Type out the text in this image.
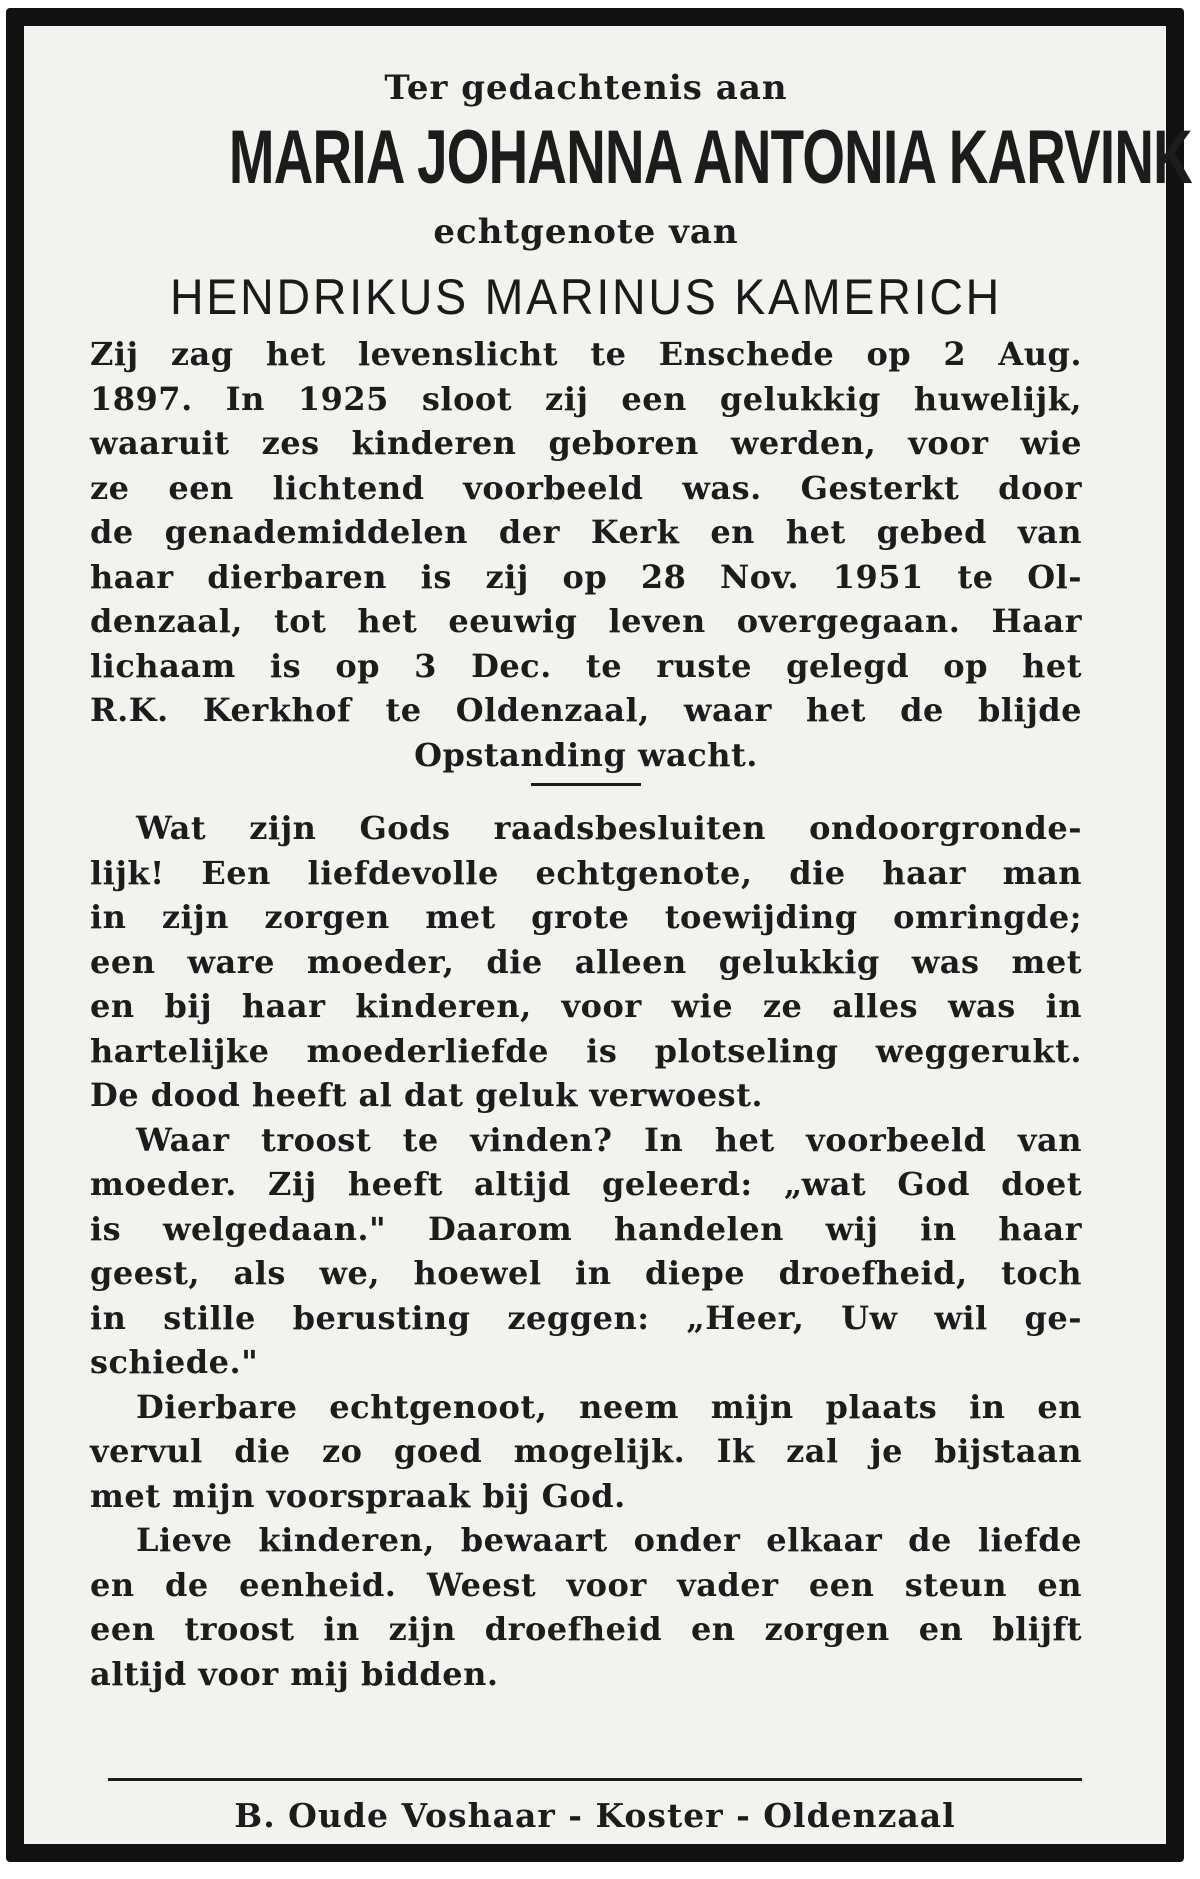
Ter gedachtenis aan

MARIA JOHANNA ANTONIA KARVINK

echtgenote van

HENDRIKUS MARINUS KAMERICH
Zij zag het levenslicht te Enschede op 2 Aug.
1897. In 1925 sloot zij een gelukkig huwelijk,
waaruit zes kinderen geboren werden, voor wie
ze een lichtend voorbeeld was. Gesterkt door
de genademiddelen der Kerk en het gebed van
haar dierbaren is zij op 28 Nov. 1951 te Ol-
denzaal, tot het eeuwig leven overgegaan. Haar
lichaam is op 3 Dec. te ruste gelegd op het
R.K. Kerkhof te Oldenzaal, waar het de blijde
Opstanding wacht.
Wat zijn Gods raadsbesluiten ondoorgronde-
lijk! Een liefdevolle echtgenote, die haar man
in zijn zorgen met grote toewijding omringde;
een ware moeder, die alleen gelukkig was met
en bij haar kinderen, voor wie ze alles was in
hartelijke moederliefde is plotseling weggerukt.
De dood heeft al dat geluk verwoest.
Waar troost te vinden? In het voorbeeld van
moeder. Zij heeft altijd geleerd: „wat God doet
is welgedaan." Daarom handelen wij in haar
geest, als we, hoewel in diepe droefheid, toch
in stille berusting zeggen: „Heer, Uw wil ge-
schiede."
Dierbare echtgenoot, neem mijn plaats in en
vervul die zo goed mogelijk. Ik zal je bijstaan
met mijn voorspraak bij God.
Lieve kinderen, bewaart onder elkaar de liefde
en de eenheid. Weest voor vader een steun en
een troost in zijn droefheid en zorgen en blijft
altijd voor mij bidden.
B. Oude Voshaar - Koster - Oldenzaal
